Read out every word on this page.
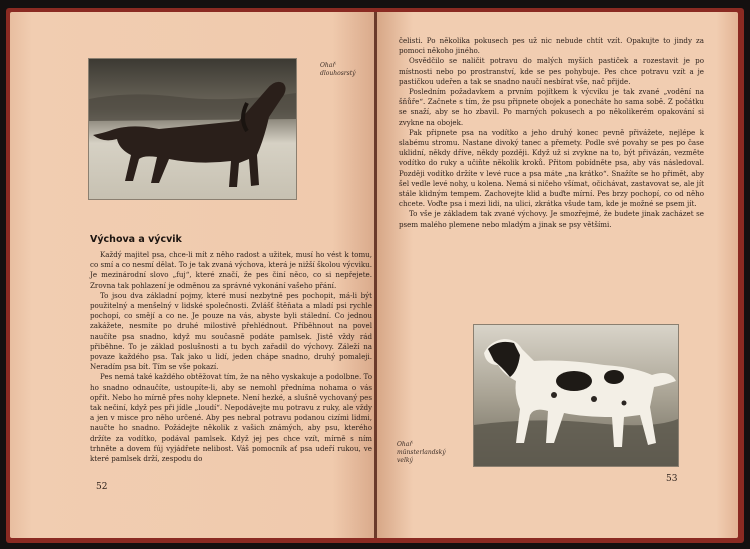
Ohař
dlouhosrstý
Výchova a výcvik

Každý majitel psa, chce-li mít z něho radost a užitek, musí ho vést k tomu, co smí a co nesmí dělat. To je tak zvaná výchova, která je nižší školou výcviku. Je mezinárodní slovo „fuj“, které značí, že pes činí něco, co si nepřejete. Zrovna tak pohlazení je odměnou za správné vykonání vašeho přání.

To jsou dva základní pojmy, které musí nezbytně pes pochopit, má-li být použitelný a menšelný v lidské společnosti. Zvlášť štěňata a mladí psi rychle pochopí, co smějí a co ne. Je pouze na vás, abyste byli stálední. Co jednou zakážete, nesmíte po druhé milostivě přehlédnout. Příběhnout na povel naučíte psa snadno, když mu současně podáte pamlsek. Jistě vždy rád přiběhne. To je základ poslušnosti a tu bych zařadil do výchovy. Záleží na povaze každého psa. Tak jako u lidí, jeden chápe snadno, druhý pomaleji. Neradím psa bít. Tím se vše pokazí.

Pes nemá také každého obtěžovat tím, že na něho vyskakuje a podolbne. To ho snadno odnaučíte, ustoupíte-li, aby se nemohl předníma nohama o vás opřít. Nebo ho mírně přes nohy klepnete. Není hezké, a slušně vychovaný pes tak nečiní, když pes při jídle „loudí“. Nepodávejte mu potravu z ruky, ale vždy a jen v misce pro něho určené. Aby pes nebral potravu podanou cizími lidmi, naučte ho snadno. Požádejte několik z vašich známých, aby psu, kterého držíte za vodítko, podával pamlsek. Když jej pes chce vzít, mírně s ním trhněte a dovem fúj vyjádřete nelibost. Váš pomocník ať psa udeří rukou, ve které pamlsek drží, zespodu do

52

čelisti. Po několika pokusech pes už nic nebude chtít vzít. Opakujte to jindy za pomoci někoho jiného.

Osvědčilo se naličit potravu do malých myších pastiček a rozestavit je po místnosti nebo po prostranství, kde se pes pohybuje. Pes chce potravu vzít a je pastičkou udeřen a tak se snadno naučí nesbírat vše, nač přijde.

Posledním požadavkem a prvním pojítkem k výcviku je tak zvané „vodění na šňůře“. Začnete s tím, že psu připnete obojek a ponecháte ho sama sobě. Z počátku se snaží, aby se ho zbavil. Po marných pokusech a po několikerém opakování si zvykne na obojek.

Pak připnete psa na vodítko a jeho druhý konec pevně přivážete, nejlépe k slabému stromu. Nastane divoký tanec a přemety. Podle své povahy se pes po čase uklidní, někdy dříve, někdy později. Když už si zvykne na to, být přivázán, vezměte vodítko do ruky a učiňte několik kroků. Přitom pobídněte psa, aby vás následoval. Později vodítko držíte v levé ruce a psa máte „na krátko“. Snažíte se ho přimět, aby šel vedle levé nohy, u kolena. Nemá si ničeho všímat, očichávat, zastavovat se, ale jít stále klidným tempem. Zachovejte klid a buďte mírní. Pes brzy pochopí, co od něho chcete. Voďte psa i mezi lidi, na ulici, zkrátka všude tam, kde je možné se psem jít.

To vše je základem tak zvané výchovy. Je smozřejmé, že budete jinak zacházet se psem malého plemene nebo mladým a jinak se psy většími.

Ohař
münsterlandský
velký
53
